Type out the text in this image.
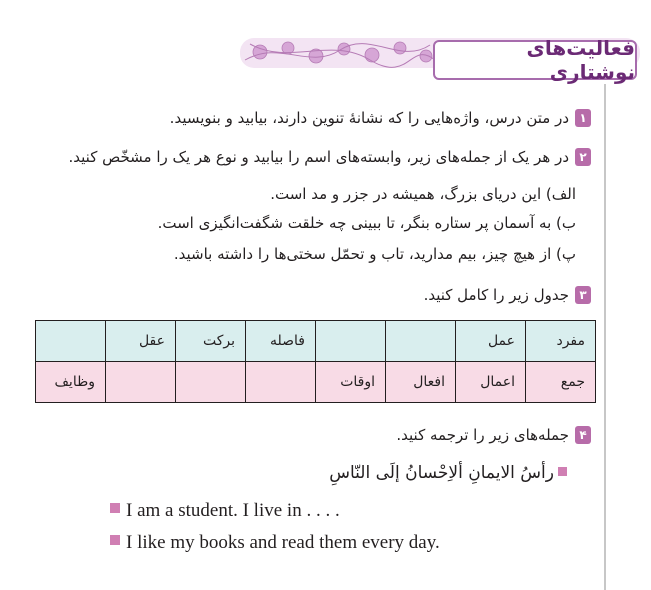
فعالیت‌های نوشتاری
۱در متن درس، واژه‌هایی را که نشانهٔ تنوین دارند، بیابید و بنویسید.
۲در هر یک از جمله‌های زیر، وابسته‌های اسم را بیابید و نوع هر یک را مشخّص کنید.
الف) این دریای بزرگ، همیشه در جزر و مد است.
ب) به آسمان پر ستاره بنگر، تا ببینی چه خلقت شگفت‌انگیزی است.
پ) از هیچ چیز، بیم مدارید، تاب و تحمّل سختی‌ها را داشته باشید.
۳جدول زیر را کامل کنید.
مفرد	عمل			فاصله	برکت	عقل	
جمع	اعمال	افعال	اوقات				وظایف
۴جمله‌های زیر را ترجمه کنید.
رأسُ الایمانِ ألاِحْسانُ إلَی النّاسِ
I am a student. I live in . . . .
I like my books and read them every day.
